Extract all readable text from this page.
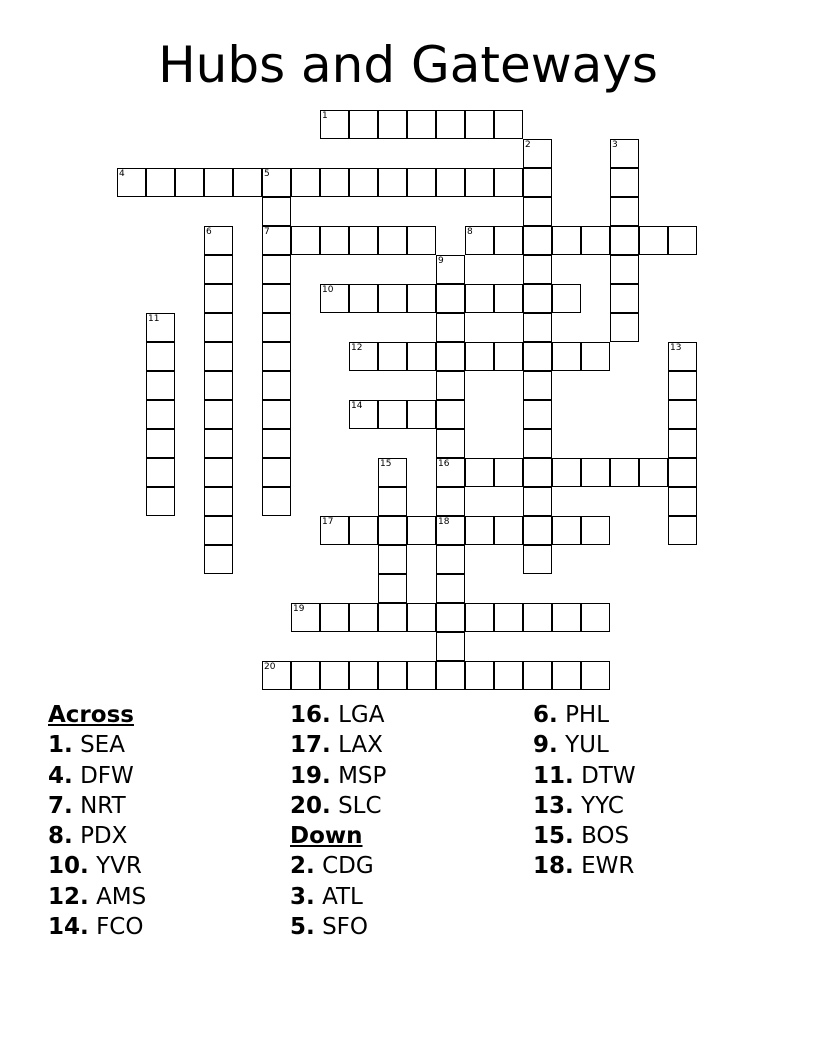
Hubs and Gateways
1
2	3
4	5
7
6	8
9
16
18
10
11
12	13
14
15
17
19
20
Across
1. SEA
4. DFW
7. NRT
8. PDX
10. YVR
12. AMS
14. FCO
16. LGA
17. LAX
19. MSP
20. SLC
Down
2. CDG
3. ATL
5. SFO
6. PHL
9. YUL
11. DTW
13. YYC
15. BOS
18. EWR
